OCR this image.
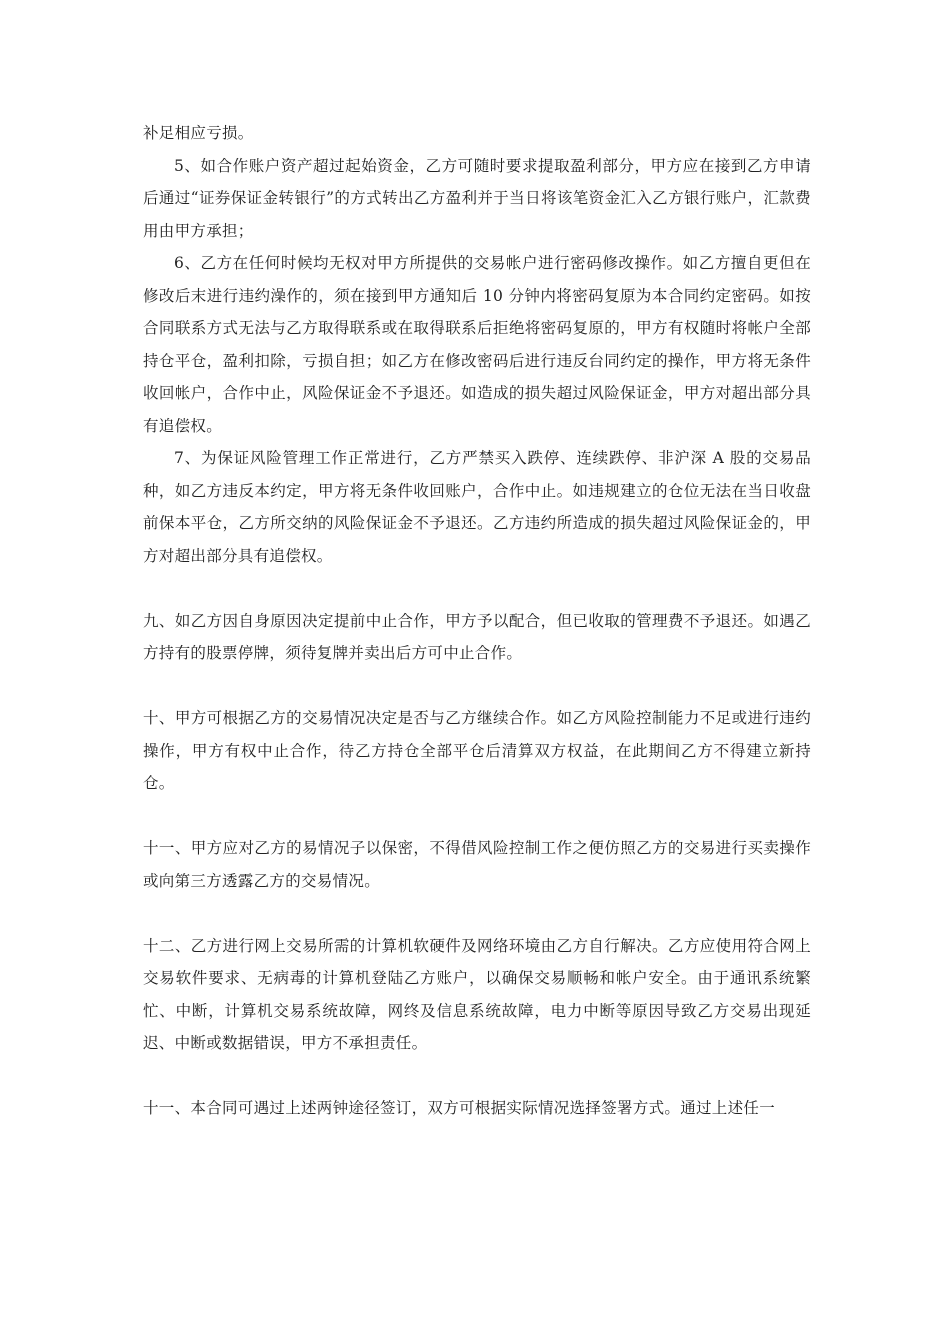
补足相应亏损。

5、如合作账户资产超过起始资金，乙方可随时要求提取盈利部分，甲方应在接到乙方申请后通过“证券保证金转银行”的方式转出乙方盈利并于当日将该笔资金汇入乙方银行账户，汇款费用由甲方承担；

6、乙方在任何时候均无权对甲方所提供的交易帐户进行密码修改操作。如乙方擅自更但在修改后末进行违约澡作的，须在接到甲方通知后 10 分钟内将密码复原为本合同约定密码。如按合同联系方式无法与乙方取得联系或在取得联系后拒绝将密码复原的，甲方有权随时将帐户全部持仓平仓，盈利扣除，亏损自担；如乙方在修改密码后进行违反台同约定的操作，甲方将无条件收回帐户，合作中止，风险保证金不予退还。如造成的损失超过风险保证金，甲方对超出部分具有追偿权。

7、为保证风险管理工作正常进行，乙方严禁买入跌停、连续跌停、非沪深 A 股的交易品种，如乙方违反本约定，甲方将无条件收回账户，合作中止。如违规建立的仓位无法在当日收盘前保本平仓，乙方所交纳的风险保证金不予退还。乙方违约所造成的损失超过风险保证金的，甲方对超出部分具有追偿权。

九、如乙方因自身原因决定提前中止合作，甲方予以配合，但已收取的管理费不予退还。如遇乙方持有的股票停牌，须待复牌并卖出后方可中止合作。

十、甲方可根据乙方的交易情况决定是否与乙方继续合作。如乙方风险控制能力不足或进行违约操作，甲方有权中止合作，待乙方持仓全部平仓后清算双方权益，在此期间乙方不得建立新持仓。

十一、甲方应对乙方的易情况子以保密，不得借风险控制工作之便仿照乙方的交易进行买卖操作或向第三方透露乙方的交易情况。

十二、乙方进行网上交易所需的计算机软硬件及网络环境由乙方自行解决。乙方应使用符合网上交易软件要求、无病毒的计算机登陆乙方账户，以确保交易顺畅和帐户安全。由于通讯系统繁忙、中断，计算机交易系统故障，网终及信息系统故障，电力中断等原因导致乙方交易出现延迟、中断或数据错误，甲方不承担责任。

十一、本合同可遇过上述两钟途径签订，双方可根据实际情况选择签署方式。通过上述任一
